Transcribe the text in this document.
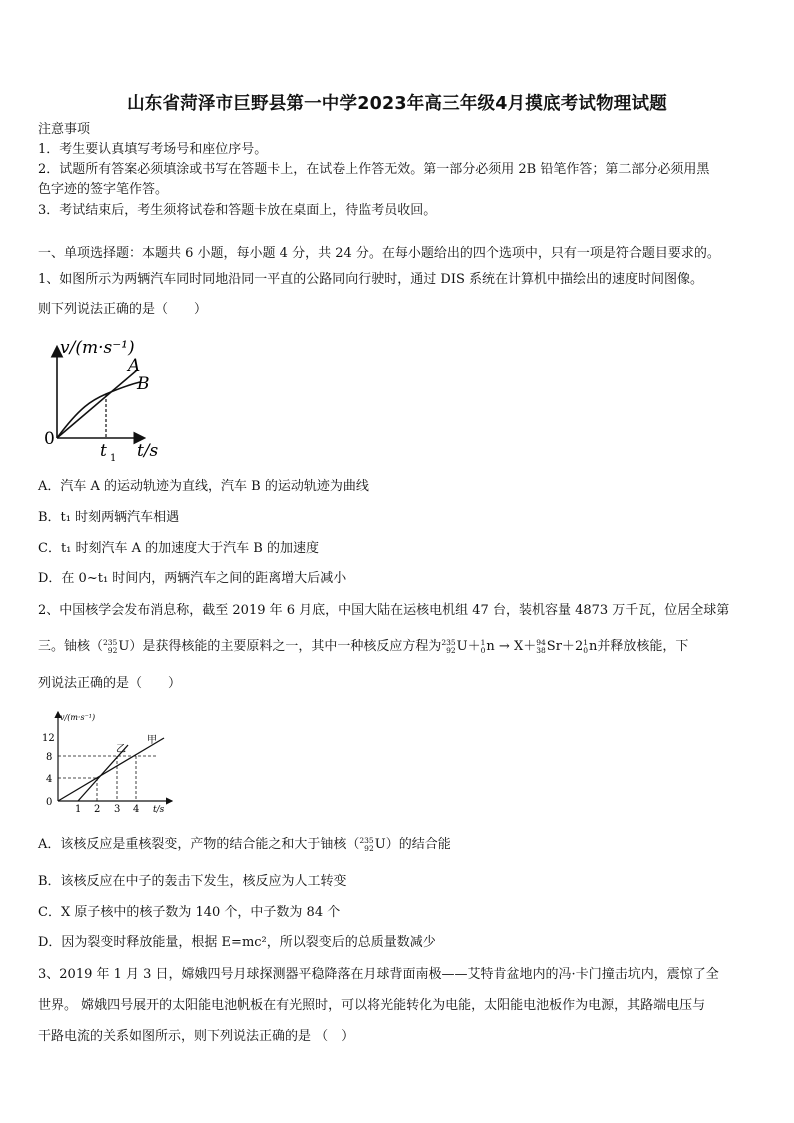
山东省菏泽市巨野县第一中学2023年高三年级4月摸底考试物理试题
注意事项
1．考生要认真填写考场号和座位序号。
2．试题所有答案必须填涂或书写在答题卡上，在试卷上作答无效。第一部分必须用 2B 铅笔作答；第二部分必须用黑
色字迹的签字笔作答。
3．考试结束后，考生须将试卷和答题卡放在桌面上，待监考员收回。
一、单项选择题：本题共 6 小题，每小题 4 分，共 24 分。在每小题给出的四个选项中，只有一项是符合题目要求的。
1、如图所示为两辆汽车同时同地沿同一平直的公路同向行驶时，通过 DIS 系统在计算机中描绘出的速度时间图像。
则下列说法正确的是（　　）
v/(m·s⁻¹)
0
A
B
t 1 t/s
A．汽车 A 的运动轨迹为直线，汽车 B 的运动轨迹为曲线
B．t₁ 时刻两辆汽车相遇
C．t₁ 时刻汽车 A 的加速度大于汽车 B 的加速度
D．在 0~t₁ 时间内，两辆汽车之间的距离增大后减小
2、中国核学会发布消息称，截至 2019 年 6 月底，中国大陆在运核电机组 47 台，装机容量 4873 万千瓦，位居全球第
三。铀核（ 235
92 U）是获得核能的主要原料之一，其中一种核反应方程为 235
92 U＋ 1
0 n → X＋ 94
38 Sr＋2 1
0 n并释放核能，下
列说法正确的是（　　）
v/(m·s⁻¹)
12
8
4
0
1 2 3 4 t/s
乙
甲
A．该核反应是重核裂变，产物的结合能之和大于铀核（ 235
92 U）的结合能
B．该核反应在中子的轰击下发生，核反应为人工转变
C．X 原子核中的核子数为 140 个，中子数为 84 个
D．因为裂变时释放能量，根据 E=mc²，所以裂变后的总质量数减少
3、2019 年 1 月 3 日，嫦娥四号月球探测器平稳降落在月球背面南极——艾特肯盆地内的冯·卡门撞击坑内，震惊了全
世界。 嫦娥四号展开的太阳能电池帆板在有光照时，可以将光能转化为电能，太阳能电池板作为电源，其路端电压与
干路电流的关系如图所示，则下列说法正确的是 （　）
